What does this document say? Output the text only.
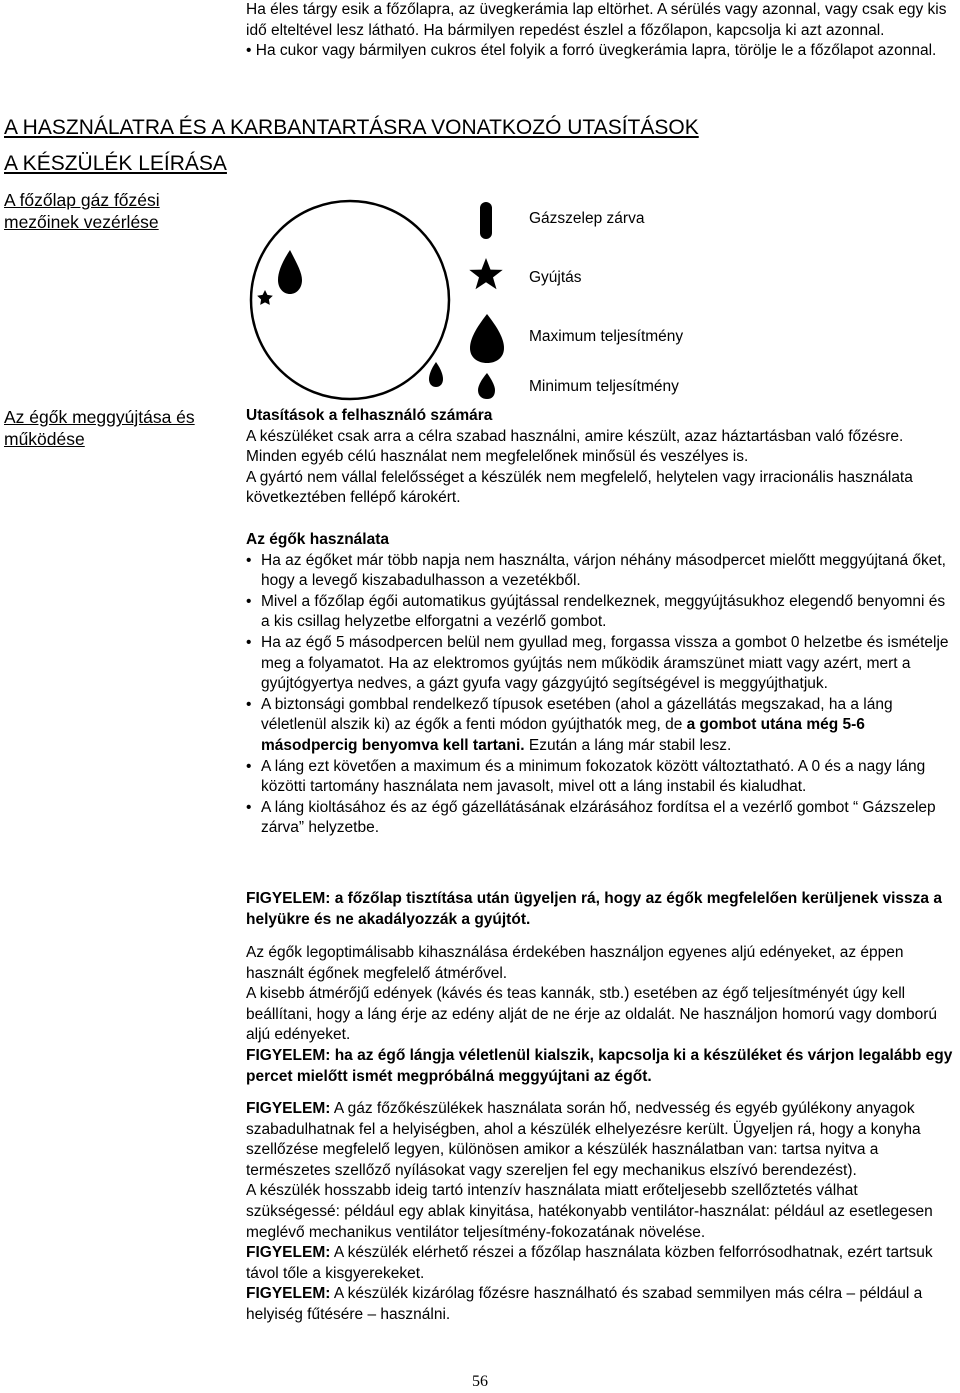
Ha éles tárgy esik a főzőlapra, az üvegkerámia lap eltörhet. A sérülés vagy azonnal, vagy csak egy kis idő elteltével lesz látható. Ha bármilyen repedést észlel a főzőlapon, kapcsolja ki azt azonnal.

• Ha cukor vagy bármilyen cukros étel folyik a forró üvegkerámia lapra, törölje le a főzőlapot azonnal.

A HASZNÁLATRA ÉS A KARBANTARTÁSRA VONATKOZÓ UTASÍTÁSOK
A KÉSZÜLÉK LEÍRÁSA
A főzőlap gáz főzési mezőinek vezérlése
Az égők meggyújtása és működése
Gázszelep zárva
Gyújtás
Maximum teljesítmény
Minimum teljesítmény

Utasítások a felhasználó számára

A készüléket csak arra a célra szabad használni, amire készült, azaz háztartásban való főzésre. Minden egyéb célú használat nem megfelelőnek minősül és veszélyes is.

A gyártó nem vállal felelősséget a készülék nem megfelelő, helytelen vagy irracionális használata következtében fellépő károkért.

Az égők használata

• Ha az égőket már több napja nem használta, várjon néhány másodpercet mielőtt meggyújtaná őket, hogy a levegő kiszabadulhasson a vezetékből.
• Mivel a főzőlap égői automatikus gyújtással rendelkeznek, meggyújtásukhoz elegendő benyomni és a kis csillag helyzetbe elforgatni a vezérlő gombot.
• Ha az égő 5 másodpercen belül nem gyullad meg, forgassa vissza a gombot 0 helzetbe és ismételje meg a folyamatot. Ha az elektromos gyújtás nem működik áramszünet miatt vagy azért, mert a gyújtógyertya nedves, a gázt gyufa vagy gázgyújtó segítségével is meggyújthatjuk.
• A biztonsági gombbal rendelkező típusok esetében (ahol a gázellátás megszakad, ha a láng véletlenül alszik ki) az égők a fenti módon gyújthatók meg, de a gombot utána még 5-6 másodpercig benyomva kell tartani. Ezután a láng már stabil lesz.
• A láng ezt követően a maximum és a minimum fokozatok között változtatható. A 0 és a nagy láng közötti tartomány használata nem javasolt, mivel ott a láng instabil és kialudhat.
• A láng kioltásához és az égő gázellátásának elzárásához fordítsa el a vezérlő gombot “ Gázszelep zárva” helyzetbe.

FIGYELEM: a főzőlap tisztítása után ügyeljen rá, hogy az égők megfelelően kerüljenek vissza a helyükre és ne akadályozzák a gyújtót.

Az égők legoptimálisabb kihasználása érdekében használjon egyenes aljú edényeket, az éppen használt égőnek megfelelő átmérővel.

A kisebb átmérőjű edények (kávés és teas kannák, stb.) esetében az égő teljesítményét úgy kell beállítani, hogy a láng érje az edény alját de ne érje az oldalát. Ne használjon homorú vagy domború aljú edényeket.

FIGYELEM: ha az égő lángja véletlenül kialszik, kapcsolja ki a készüléket és várjon legalább egy percet mielőtt ismét megpróbálná meggyújtani az égőt.

FIGYELEM: A gáz főzőkészülékek használata során hő, nedvesség és egyéb gyúlékony anyagok szabadulhatnak fel a helyiségben, ahol a készülék elhelyezésre került. Ügyeljen rá, hogy a konyha szellőzése megfelelő legyen, különösen amikor a készülék használatban van: tartsa nyitva a természetes szellőző nyílásokat vagy szereljen fel egy mechanikus elszívó berendezést).

A készülék hosszabb ideig tartó intenzív használata miatt erőteljesebb szellőztetés válhat szükségessé: például egy ablak kinyitása, hatékonyabb ventilátor-használat: például az esetlegesen meglévő mechanikus ventilátor teljesítmény-fokozatának növelése.

FIGYELEM: A készülék elérhető részei a főzőlap használata közben felforrósodhatnak, ezért tartsuk távol tőle a kisgyerekeket.

FIGYELEM: A készülék kizárólag főzésre használható és szabad semmilyen más célra – például a helyiség fűtésére – használni.

56
